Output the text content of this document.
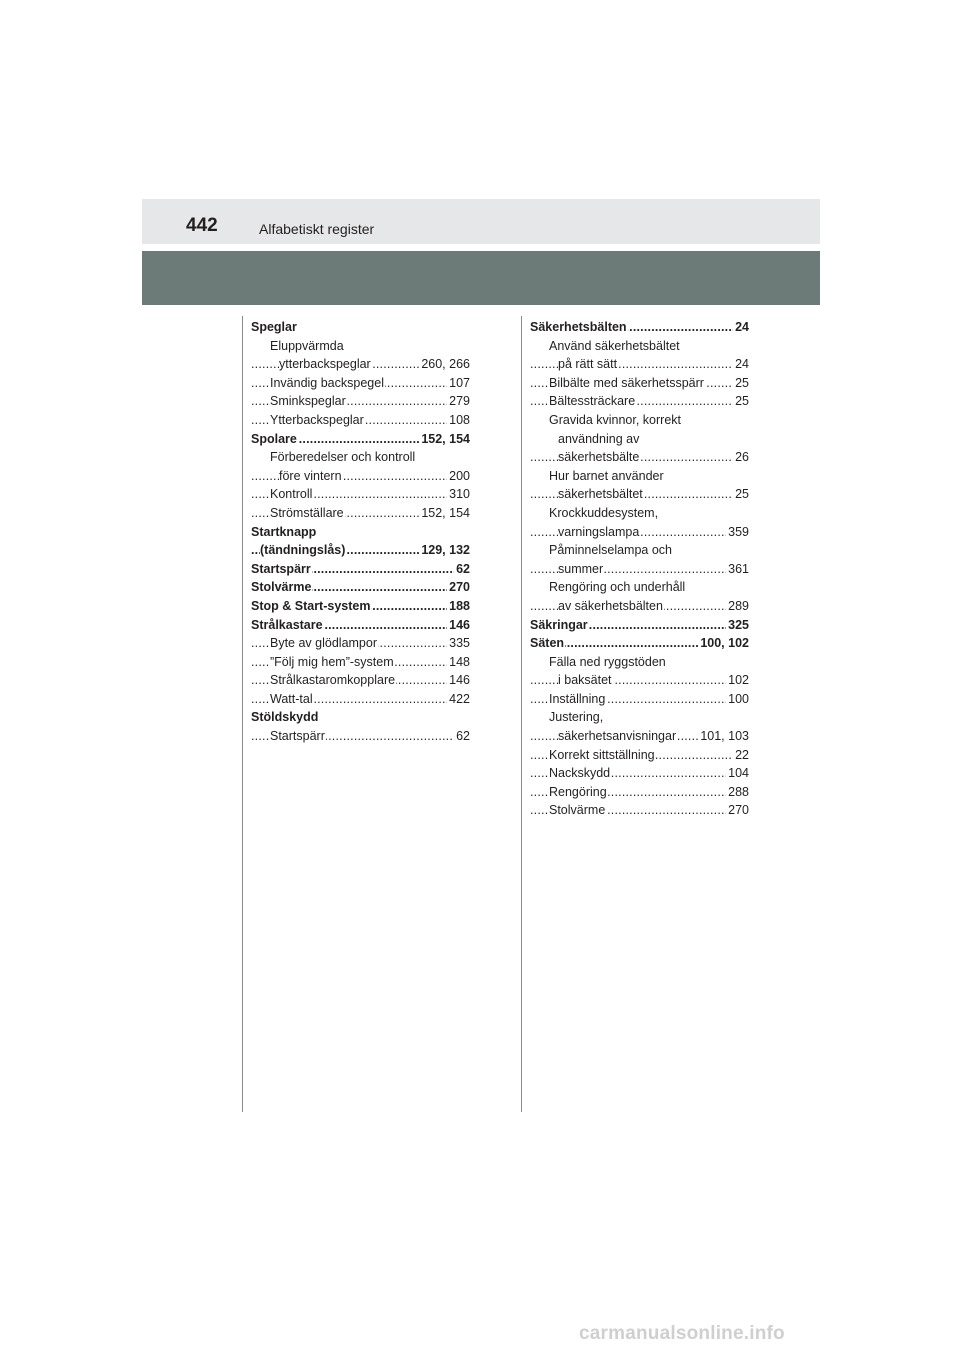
442	Alfabetiskt register
Speglar
Eluppvärmda
..... ytterbackspeglar	260, 266
..... Invändig backspegel	107
..... Sminkspeglar	279
..... Ytterbackspeglar	108
..... Spolare	152, 154
Förberedelser och kontroll
..... före vintern	200
..... Kontroll	310
..... Strömställare	152, 154
Startknapp
..... (tändningslås)	129, 132
..... Startspärr	62
..... Stolvärme	270
..... Stop & Start-system	188
..... Strålkastare	146
..... Byte av glödlampor	335
..... ”Följ mig hem”-system	148
..... Strålkastaromkopplare	146
..... Watt-tal	422
Stöldskydd
..... Startspärr	62
..... Säkerhetsbälten	24
Använd säkerhetsbältet
..... på rätt sätt	24
..... Bilbälte med säkerhetsspärr 25
..... Bältessträckare	25
Gravida kvinnor, korrekt
användning av
..... säkerhetsbälte	26
Hur barnet använder
..... säkerhetsbältet	25
Krockkuddesystem,
..... varningslampa	359
Påminnelselampa och
..... summer	361
Rengöring och underhåll
..... av säkerhetsbälten	289
..... Säkringar	325
..... Säten	100, 102
Fälla ned ryggstöden
..... i baksätet	102
..... Inställning	100
Justering,
..... säkerhetsanvisningar 101, 103
..... Korrekt sittställning	22
..... Nackskydd	104
..... Rengöring	288
..... Stolvärme	270
carmanualsonline.info
